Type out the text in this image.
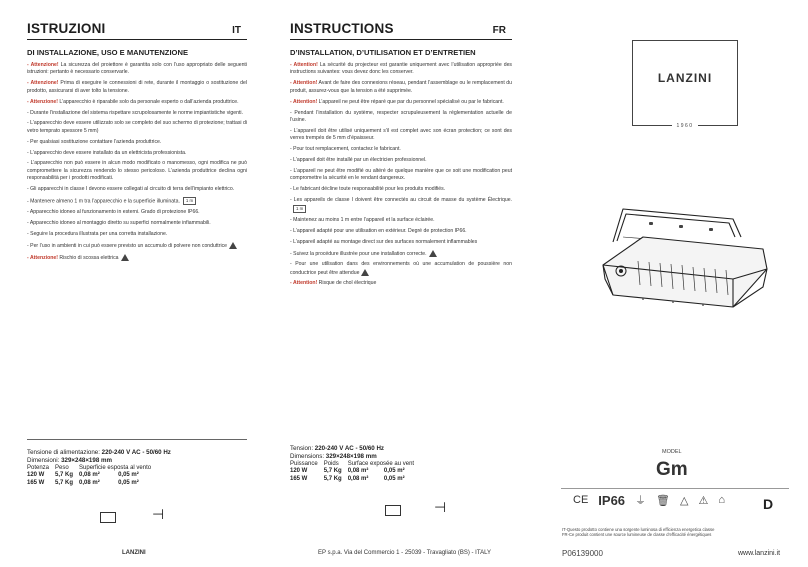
ISTRUZIONI	IT
DI INSTALLAZIONE, USO E MANUTENZIONE

- Attenzione! La sicurezza del proiettore è garantita solo con l’uso appropriato delle seguenti istruzioni: pertanto è necessario conservarle.

- Attenzione! Prima di eseguire le connessioni di rete, durante il montaggio o sostituzione del prodotto, assicurarsi di aver tolto la tensione.

- Attenzione! L’apparecchio è riparabile solo da personale esperto o dall’azienda produttrice.

- Durante l’installazione del sistema rispettare scrupolosamente le norme impiantistiche vigenti.

- L’apparecchio deve essere utilizzato solo se completo del suo schermo di protezione; trattasi di vetro temprato spessore 5 mm)

- Per qualsiasi sostituzione contattare l’azienda produttrice.

- L’apparecchio deve essere installato da un elettricista professionista.

- L’apparecchio non può essere in alcun modo modificato o manomesso, ogni modifica ne può compromettere la sicurezza rendendo lo stesso pericoloso. L’azienda produttrice declina ogni responsabilità per i prodotti modificati.

- Gli apparecchi in classe I devono essere collegati al circuito di terra dell’impianto elettrico.

- Mantenere almeno 1 m tra l’apparecchio e la superficie illuminata. 1 m

- Apparecchio idoneo al funzionamento in esterni. Grado di protezione IP66.

- Apparecchio idoneo al montaggio diretto su superfici normalmente infiammabili.

- Seguire la procedura illustrata per una corretta installazione.

- Per l’uso in ambienti in cui può essere previsto un accumulo di polvere non conduttrice

- Attenzione! Rischio di scossa elettrica

INSTRUCTIONS	FR
D’INSTALLATION, D’UTILISATION ET D’ENTRETIEN

- Attention! La sécurité du projecteur est garantie uniquement avec l’utilisation appropriée des instructions suivantes: vous devez donc les conserver.

- Attention! Avant de faire des connexions réseau, pendant l’assemblage ou le remplacement du produit, assurez-vous que la tension a été supprimée.

- Attention! L’appareil ne peut être réparé que par du personnel spécialisé ou par le fabricant.

- Pendant l’installation du système, respecter scrupuleusement la réglementation actuelle de l’usine.

- L’appareil doit être utilisé uniquement s’il est complet avec son écran protection; ce sont des verres trempés de 5 mm d’épaisseur.

- Pour tout remplacement, contactez le fabricant.

- L’appareil doit être installé par un électricien professionnel.

- L’appareil ne peut être modifié ou altéré de quelque manière que ce soit une modification peut compromettre la sécurité en le rendant dangereux.

- Le fabricant décline toute responsabilité pour les produits modifiés.

- Les appareils de classe I doivent être connectés au circuit de masse du système Électrique.1 m

- Maintenez au moins 1 m entre l’appareil et la surface éclairée.

- L’appareil adapté pour une utilisation en extérieur. Degré de protection IP66.

- L’appareil adapté au montage direct sur des surfaces normalement inflammables

- Suivez la procédure illustrée pour une installation correcte.

- Pour une utilisation dans des environnements où une accumulation de poussière non conductrice peut être attendue

- Attention! Risque de chol électrique

Tensione di alimentazione: 220-240 V AC - 50/60 Hz
Dimensioni: 329×248×198 mm
Potenza	Peso	Superficie esposta al vento	
120 W	5,7 Kg	0,08 m²	0,05 m²
165 W	5,7 Kg	0,08 m²	0,05 m²
⊣
Tension: 220-240 V AC - 50/60 Hz
Dimensions: 329×248×198 mm
Puissance	Poids	Surface exposée au vent	
120 W	5,7 Kg	0,08 m²	0,05 m²
165 W	5,7 Kg	0,08 m²	0,05 m²
⊣
LANZINI	EP s.p.a. Via del Commercio 1 - 25039 - Travagliato (BS) - ITALY
LANZINI
1960
MODEL
Gm
CE IP66 ⏚ 🗑 △ ⚠ ⌂	D
IT-Questo prodotto contiene una sorgente luminosa di efficienza energetica classe
FR-Ce produit contient une source lumineuse de classe d’efficacité énergétiques
P06139000	www.lanzini.it
